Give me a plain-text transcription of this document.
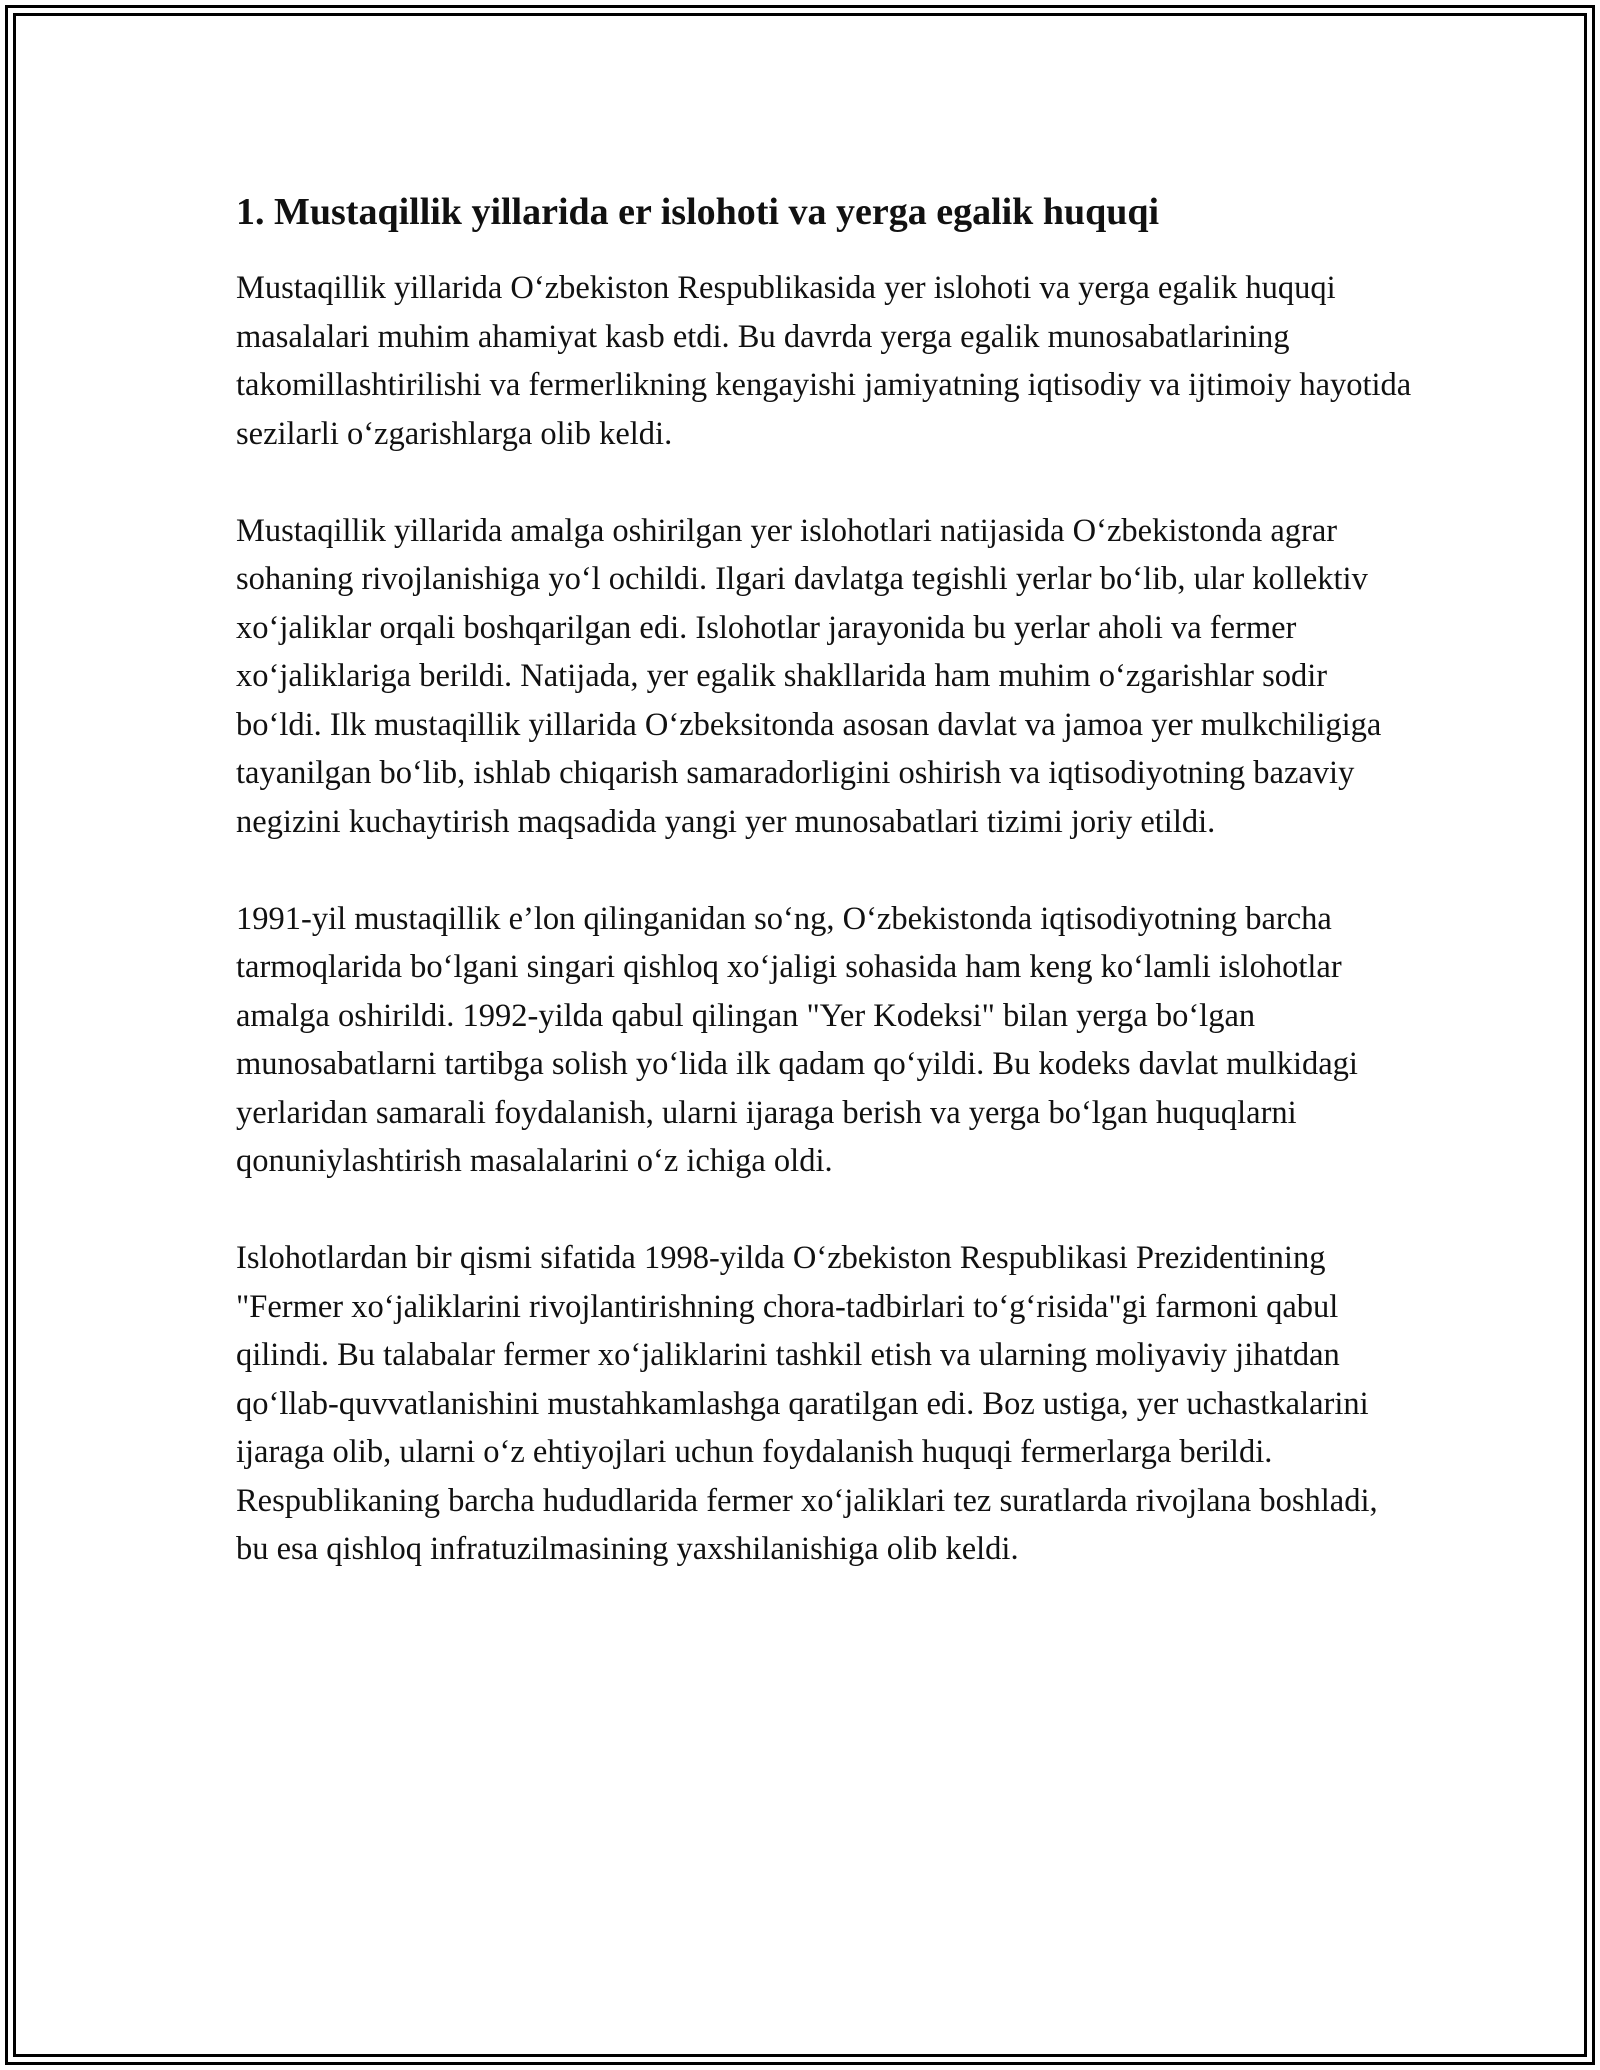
1. Mustaqillik yillarida er islohoti va yerga egalik huquqi

Mustaqillik yillarida O‘zbekiston Respublikasida yer islohoti va yerga egalik huquqi masalalari muhim ahamiyat kasb etdi. Bu davrda yerga egalik munosabatlarining takomillashtirilishi va fermerlikning kengayishi jamiyatning iqtisodiy va ijtimoiy hayotida sezilarli o‘zgarishlarga olib keldi.

Mustaqillik yillarida amalga oshirilgan yer islohotlari natijasida O‘zbekistonda agrar sohaning rivojlanishiga yo‘l ochildi. Ilgari davlatga tegishli yerlar bo‘lib, ular kollektiv xo‘jaliklar orqali boshqarilgan edi. Islohotlar jarayonida bu yerlar aholi va fermer xo‘jaliklariga berildi. Natijada, yer egalik shakllarida ham muhim o‘zgarishlar sodir bo‘ldi. Ilk mustaqillik yillarida O‘zbeksitonda asosan davlat va jamoa yer mulkchiligiga tayanilgan bo‘lib, ishlab chiqarish samaradorligini oshirish va iqtisodiyotning bazaviy negizini kuchaytirish maqsadida yangi yer munosabatlari tizimi joriy etildi.

1991-yil mustaqillik e’lon qilinganidan so‘ng, O‘zbekistonda iqtisodiyotning barcha tarmoqlarida bo‘lgani singari qishloq xo‘jaligi sohasida ham keng ko‘lamli islohotlar amalga oshirildi. 1992-yilda qabul qilingan "Yer Kodeksi" bilan yerga bo‘lgan munosabatlarni tartibga solish yo‘lida ilk qadam qo‘yildi. Bu kodeks davlat mulkidagi yerlaridan samarali foydalanish, ularni ijaraga berish va yerga bo‘lgan huquqlarni qonuniylashtirish masalalarini o‘z ichiga oldi.

Islohotlardan bir qismi sifatida 1998-yilda O‘zbekiston Respublikasi Prezidentining "Fermer xo‘jaliklarini rivojlantirishning chora-tadbirlari to‘g‘risida"gi farmoni qabul qilindi. Bu talabalar fermer xo‘jaliklarini tashkil etish va ularning moliyaviy jihatdan qo‘llab-quvvatlanishini mustahkamlashga qaratilgan edi. Boz ustiga, yer uchastkalarini ijaraga olib, ularni o‘z ehtiyojlari uchun foydalanish huquqi fermerlarga berildi. Respublikaning barcha hududlarida fermer xo‘jaliklari tez suratlarda rivojlana boshladi, bu esa qishloq infratuzilmasining yaxshilanishiga olib keldi.
